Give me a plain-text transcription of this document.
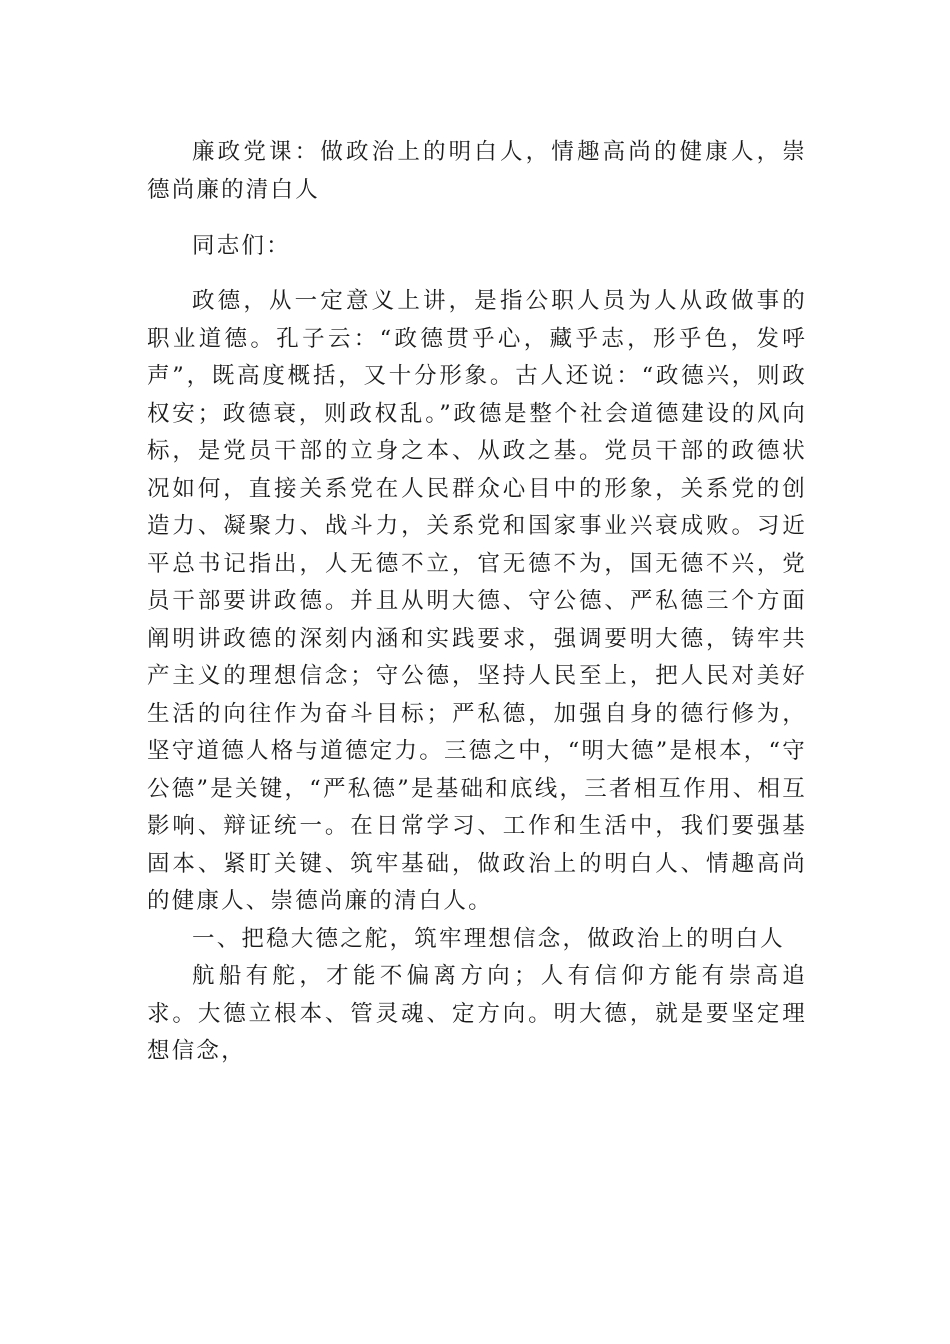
廉政党课：做政治上的明白人，情趣高尚的健康人，崇德尚廉的清白人

同志们：

政德，从一定意义上讲，是指公职人员为人从政做事的职业道德。孔子云：“政德贯乎心，藏乎志，形乎色，发呼声”，既高度概括，又十分形象。古人还说：“政德兴，则政权安；政德衰，则政权乱。”政德是整个社会道德建设的风向标，是党员干部的立身之本、从政之基。党员干部的政德状况如何，直接关系党在人民群众心目中的形象，关系党的创造力、凝聚力、战斗力，关系党和国家事业兴衰成败。习近平总书记指出，人无德不立，官无德不为，国无德不兴，党员干部要讲政德。并且从明大德、守公德、严私德三个方面阐明讲政德的深刻内涵和实践要求，强调要明大德，铸牢共产主义的理想信念；守公德，坚持人民至上，把人民对美好生活的向往作为奋斗目标；严私德，加强自身的德行修为，坚守道德人格与道德定力。三德之中，“明大德”是根本，“守公德”是关键，“严私德”是基础和底线，三者相互作用、相互影响、辩证统一。在日常学习、工作和生活中，我们要强基固本、紧盯关键、筑牢基础，做政治上的明白人、情趣高尚的健康人、崇德尚廉的清白人。

一、把稳大德之舵，筑牢理想信念，做政治上的明白人

航船有舵，才能不偏离方向；人有信仰方能有崇高追求。大德立根本、管灵魂、定方向。明大德，就是要坚定理想信念，
